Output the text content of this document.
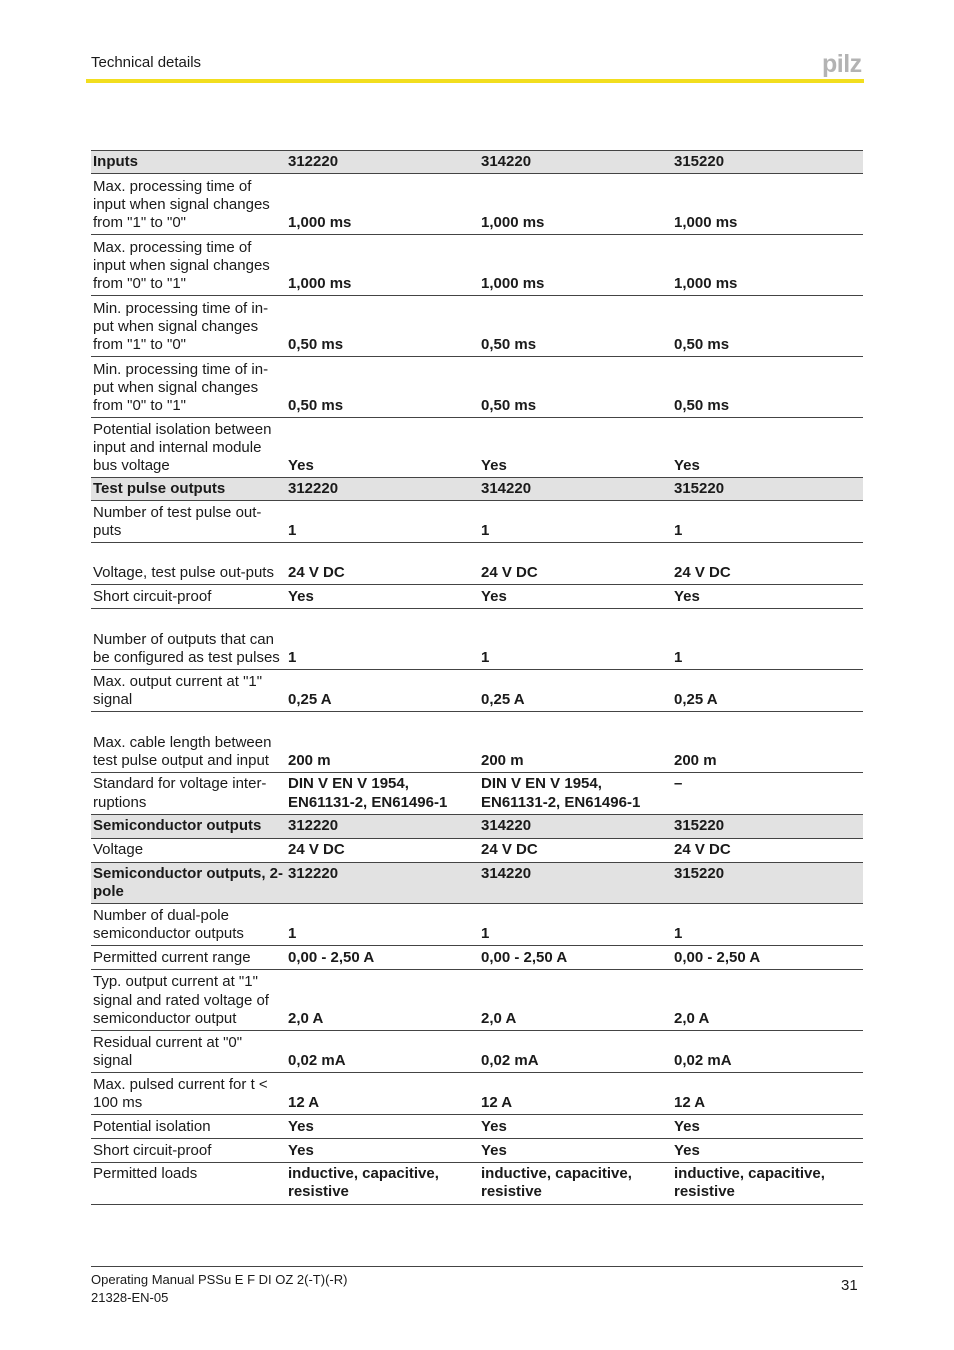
Technical details	pilz
Inputs	312220	314220	315220
Max. processing time of input when signal changes from "1" to "0"	1,000 ms	1,000 ms	1,000 ms
Max. processing time of input when signal changes from "0" to "1"	1,000 ms	1,000 ms	1,000 ms
Min. processing time of in-put when signal changes from "1" to "0"	0,50 ms	0,50 ms	0,50 ms
Min. processing time of in-put when signal changes from "0" to "1"	0,50 ms	0,50 ms	0,50 ms
Potential isolation between input and internal module bus voltage	Yes	Yes	Yes
Test pulse outputs	312220	314220	315220
Number of test pulse out-puts	1	1	1
Voltage, test pulse out-puts	24 V DC	24 V DC	24 V DC
Short circuit-proof	Yes	Yes	Yes
Number of outputs that can be configured as test pulses	1	1	1
Max. output current at "1" signal	0,25 A	0,25 A	0,25 A
Max. cable length between test pulse output and input	200 m	200 m	200 m
Standard for voltage inter-ruptions	DIN V EN V 1954, EN61131-2, EN61496-1	DIN V EN V 1954, EN61131-2, EN61496-1	–
Semiconductor outputs	312220	314220	315220
Voltage	24 V DC	24 V DC	24 V DC
Semiconductor outputs, 2-pole	312220	314220	315220
Number of dual-pole semiconductor outputs	1	1	1
Permitted current range	0,00 - 2,50 A	0,00 - 2,50 A	0,00 - 2,50 A
Typ. output current at "1" signal and rated voltage of semiconductor output	2,0 A	2,0 A	2,0 A
Residual current at "0" signal	0,02 mA	0,02 mA	0,02 mA
Max. pulsed current for t < 100 ms	12 A	12 A	12 A
Potential isolation	Yes	Yes	Yes
Short circuit-proof	Yes	Yes	Yes
Permitted loads	inductive, capacitive, resistive	inductive, capacitive, resistive	inductive, capacitive, resistive
Operating Manual PSSu E F DI OZ 2(-T)(-R)
21328-EN-05
31
